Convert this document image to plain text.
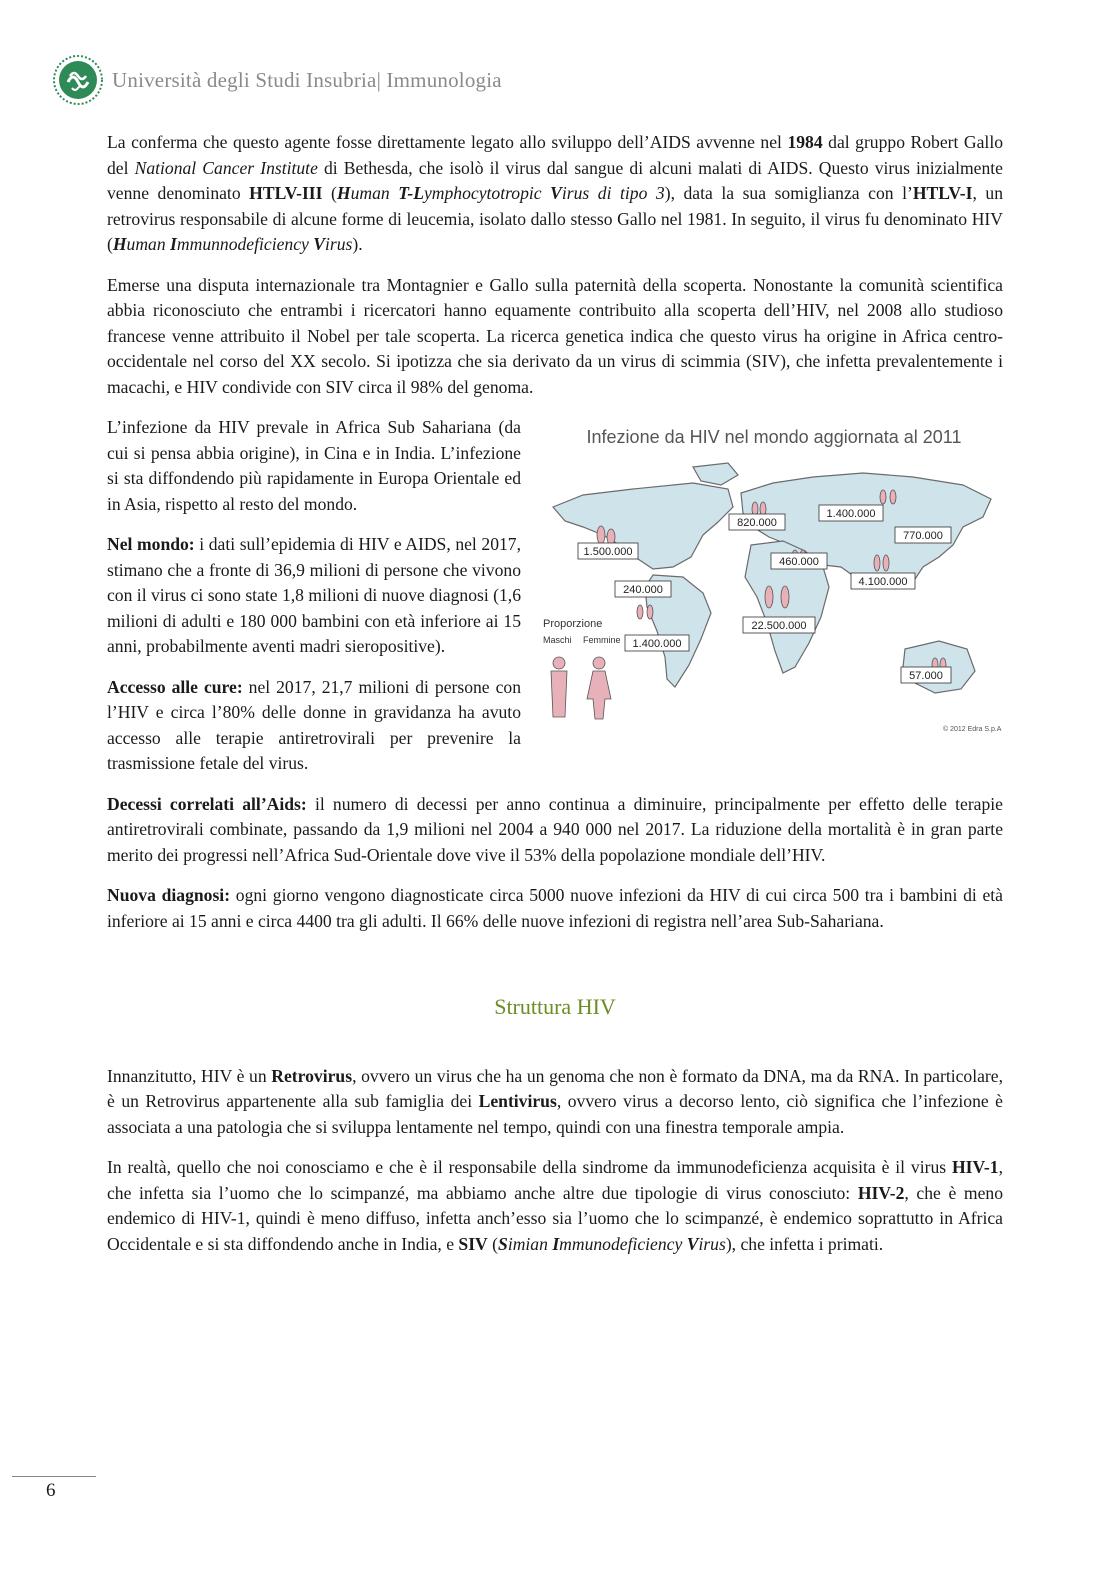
Università degli Studi Insubria| Immunologia

La conferma che questo agente fosse direttamente legato allo sviluppo dell’AIDS avvenne nel 1984 dal gruppo Robert Gallo del National Cancer Institute di Bethesda, che isolò il virus dal sangue di alcuni malati di AIDS. Questo virus inizialmente venne denominato HTLV-III (Human T-Lymphocytotropic Virus di tipo 3), data la sua somiglianza con l’HTLV-I, un retrovirus responsabile di alcune forme di leucemia, isolato dallo stesso Gallo nel 1981. In seguito, il virus fu denominato HIV (Human Immunnodeficiency Virus).

Emerse una disputa internazionale tra Montagnier e Gallo sulla paternità della scoperta. Nonostante la comunità scientifica abbia riconosciuto che entrambi i ricercatori hanno equamente contribuito alla scoperta dell’HIV, nel 2008 allo studioso francese venne attribuito il Nobel per tale scoperta. La ricerca genetica indica che questo virus ha origine in Africa centro-occidentale nel corso del XX secolo. Si ipotizza che sia derivato da un virus di scimmia (SIV), che infetta prevalentemente i macachi, e HIV condivide con SIV circa il 98% del genoma.

Infezione da HIV nel mondo aggiornata al 2011
1.500.000
820.000
1.400.000
770.000
460.000
240.000
4.100.000
22.500.000
1.400.000
57.000
Proporzione
Maschi Femmine
© 2012 Edra S.p.A

L’infezione da HIV prevale in Africa Sub Sahariana (da cui si pensa abbia origine), in Cina e in India. L’infezione si sta diffondendo più rapidamente in Europa Orientale ed in Asia, rispetto al resto del mondo.

Nel mondo: i dati sull’epidemia di HIV e AIDS, nel 2017, stimano che a fronte di 36,9 milioni di persone che vivono con il virus ci sono state 1,8 milioni di nuove diagnosi (1,6 milioni di adulti e 180 000 bambini con età inferiore ai 15 anni, probabilmente aventi madri sieropositive).

Accesso alle cure: nel 2017, 21,7 milioni di persone con l’HIV e circa l’80% delle donne in gravidanza ha avuto accesso alle terapie antiretrovirali per prevenire la trasmissione fetale del virus.

Decessi correlati all’Aids: il numero di decessi per anno continua a diminuire, principalmente per effetto delle terapie antiretrovirali combinate, passando da 1,9 milioni nel 2004 a 940 000 nel 2017. La riduzione della mortalità è in gran parte merito dei progressi nell’Africa Sud-Orientale dove vive il 53% della popolazione mondiale dell’HIV.

Nuova diagnosi: ogni giorno vengono diagnosticate circa 5000 nuove infezioni da HIV di cui circa 500 tra i bambini di età inferiore ai 15 anni e circa 4400 tra gli adulti. Il 66% delle nuove infezioni di registra nell’area Sub-Sahariana.

Struttura HIV

Innanzitutto, HIV è un Retrovirus, ovvero un virus che ha un genoma che non è formato da DNA, ma da RNA. In particolare, è un Retrovirus appartenente alla sub famiglia dei Lentivirus, ovvero virus a decorso lento, ciò significa che l’infezione è associata a una patologia che si sviluppa lentamente nel tempo, quindi con una finestra temporale ampia.

In realtà, quello che noi conosciamo e che è il responsabile della sindrome da immunodeficienza acquisita è il virus HIV-1, che infetta sia l’uomo che lo scimpanzé, ma abbiamo anche altre due tipologie di virus conosciuto: HIV-2, che è meno endemico di HIV-1, quindi è meno diffuso, infetta anch’esso sia l’uomo che lo scimpanzé, è endemico soprattutto in Africa Occidentale e si sta diffondendo anche in India, e SIV (Simian Immunodeficiency Virus), che infetta i primati.

6
